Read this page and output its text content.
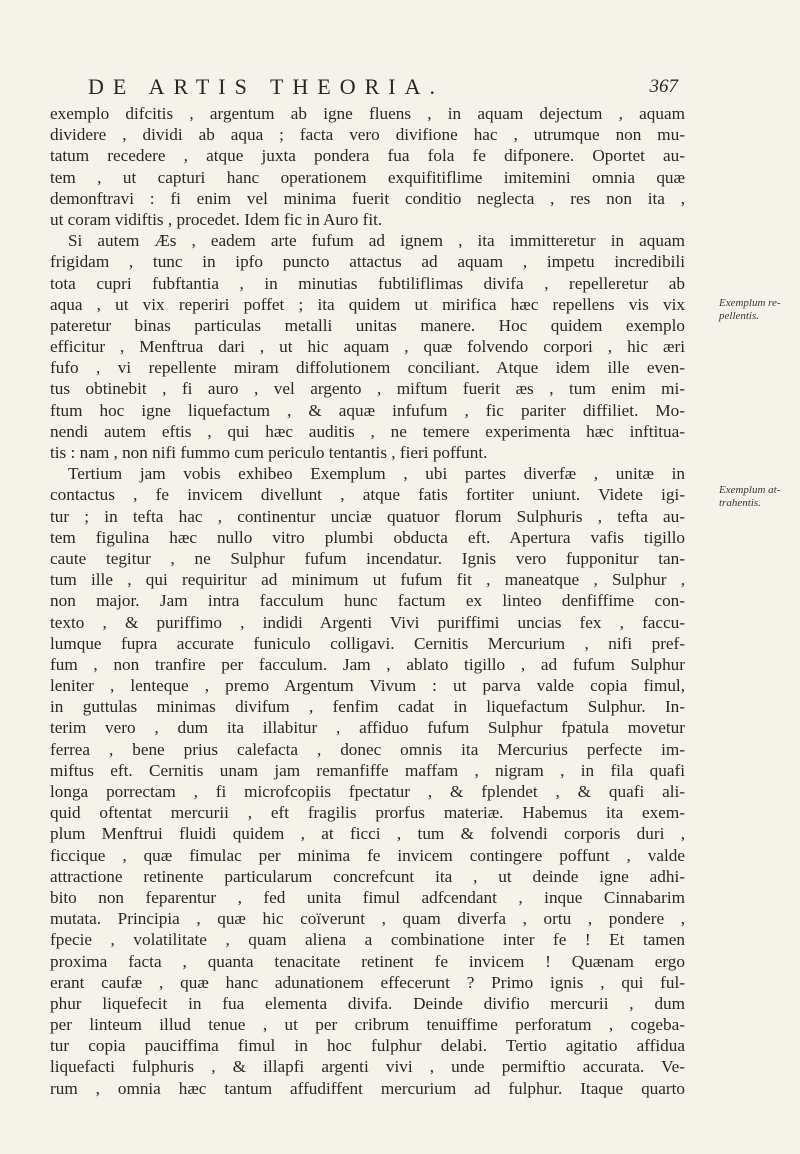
DE ARTIS THEORIA.	367
Exemplum re-
pellentis.
Exemplum at-
trahentis.
exemplo difcitis , argentum ab igne fluens , in aquam dejectum , aquam
dividere , dividi ab aqua ; facta vero divifione hac , utrumque non mu-
tatum recedere , atque juxta pondera fua fola fe difponere. Oportet au-
tem , ut capturi hanc operationem exquifitiflime imitemini omnia quæ
demonftravi : fi enim vel minima fuerit conditio neglecta , res non ita ,
ut coram vidiftis , procedet. Idem fic in Auro fit.
Si autem Æs , eadem arte fufum ad ignem , ita immitteretur in aquam
frigidam , tunc in ipfo puncto attactus ad aquam , impetu incredibili
tota cupri fubftantia , in minutias fubtiliflimas divifa , repelleretur ab
aqua , ut vix reperiri poffet ; ita quidem ut mirifica hæc repellens vis vix
pateretur binas particulas metalli unitas manere. Hoc quidem exemplo
efficitur , Menftrua dari , ut hic aquam , quæ folvendo corpori , hic æri
fufo , vi repellente miram diffolutionem conciliant. Atque idem ille even-
tus obtinebit , fi auro , vel argento , miftum fuerit æs , tum enim mi-
ftum hoc igne liquefactum , & aquæ infufum , fic pariter diffiliet. Mo-
nendi autem eftis , qui hæc auditis , ne temere experimenta hæc inftitua-
tis : nam , non nifi fummo cum periculo tentantis , fieri poffunt.
Tertium jam vobis exhibeo Exemplum , ubi partes diverfæ , unitæ in
contactus , fe invicem divellunt , atque fatis fortiter uniunt. Videte igi-
tur ; in tefta hac , continentur unciæ quatuor florum Sulphuris , tefta au-
tem figulina hæc nullo vitro plumbi obducta eft. Apertura vafis tigillo
caute tegitur , ne Sulphur fufum incendatur. Ignis vero fupponitur tan-
tum ille , qui requiritur ad minimum ut fufum fit , maneatque , Sulphur ,
non major. Jam intra facculum hunc factum ex linteo denfiffime con-
texto , & puriffimo , indidi Argenti Vivi puriffimi uncias fex , faccu-
lumque fupra accurate funiculo colligavi. Cernitis Mercurium , nifi pref-
fum , non tranfire per facculum. Jam , ablato tigillo , ad fufum Sulphur
leniter , lenteque , premo Argentum Vivum : ut parva valde copia fimul,
in guttulas minimas divifum , fenfim cadat in liquefactum Sulphur. In-
terim vero , dum ita illabitur , affiduo fufum Sulphur fpatula movetur
ferrea , bene prius calefacta , donec omnis ita Mercurius perfecte im-
miftus eft. Cernitis unam jam remanfiffe maffam , nigram , in fila quafi
longa porrectam , fi microfcopiis fpectatur , & fplendet , & quafi ali-
quid oftentat mercurii , eft fragilis prorfus materiæ. Habemus ita exem-
plum Menftrui fluidi quidem , at ficci , tum & folvendi corporis duri ,
ficcique , quæ fimulac per minima fe invicem contingere poffunt , valde
attractione retinente particularum concrefcunt ita , ut deinde igne adhi-
bito non feparentur , fed unita fimul adfcendant , inque Cinnabarim
mutata. Principia , quæ hic coïverunt , quam diverfa , ortu , pondere ,
fpecie , volatilitate , quam aliena a combinatione inter fe ! Et tamen
proxima facta , quanta tenacitate retinent fe invicem ! Quænam ergo
erant caufæ , quæ hanc adunationem effecerunt ? Primo ignis , qui ful-
phur liquefecit in fua elementa divifa. Deinde divifio mercurii , dum
per linteum illud tenue , ut per cribrum tenuiffime perforatum , cogeba-
tur copia pauciffima fimul in hoc fulphur delabi. Tertio agitatio affidua
liquefacti fulphuris , & illapfi argenti vivi , unde permiftio accurata. Ve-
rum , omnia hæc tantum affudiffent mercurium ad fulphur. Itaque quarto
